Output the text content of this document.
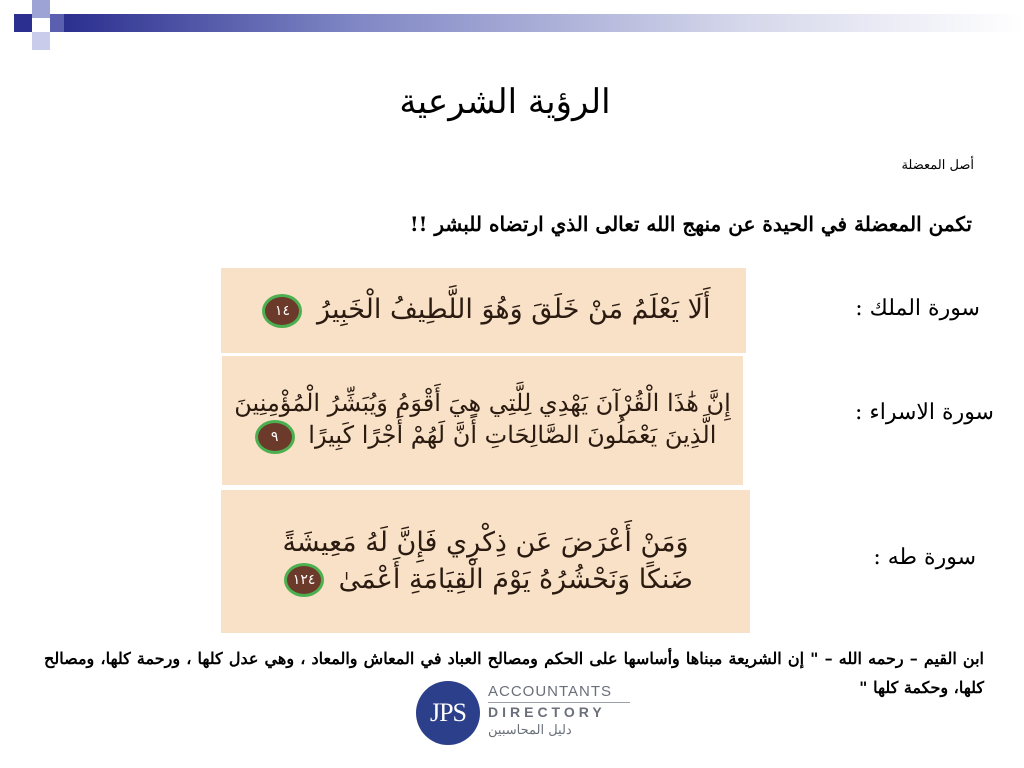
الرؤية الشرعية
أصل المعضلة
تكمن المعضلة في الحيدة عن منهج الله تعالى الذي ارتضاه للبشر !!
أَلَا يَعْلَمُ مَنْ خَلَقَ وَهُوَ اللَّطِيفُ الْخَبِيرُ ١٤	سورة الملك :
إِنَّ هَٰذَا الْقُرْآنَ يَهْدِي لِلَّتِي هِيَ أَقْوَمُ وَيُبَشِّرُ الْمُؤْمِنِينَ
الَّذِينَ يَعْمَلُونَ الصَّالِحَاتِ أَنَّ لَهُمْ أَجْرًا كَبِيرًا ٩
سورة الاسراء :
وَمَنْ أَعْرَضَ عَن ذِكْرِي فَإِنَّ لَهُ مَعِيشَةً
ضَنكًا وَنَحْشُرُهُ يَوْمَ الْقِيَامَةِ أَعْمَىٰ ١٢٤
سورة طه :
ابن القيم – رحمه الله – " إن الشريعة مبناها وأساسها على الحكم ومصالح العباد في المعاش والمعاد ، وهي عدل كلها ، ورحمة كلها، ومصالح كلها، وحكمة كلها "
JPS
ACCOUNTANTS
DIRECTORY
دليل المحاسبين
